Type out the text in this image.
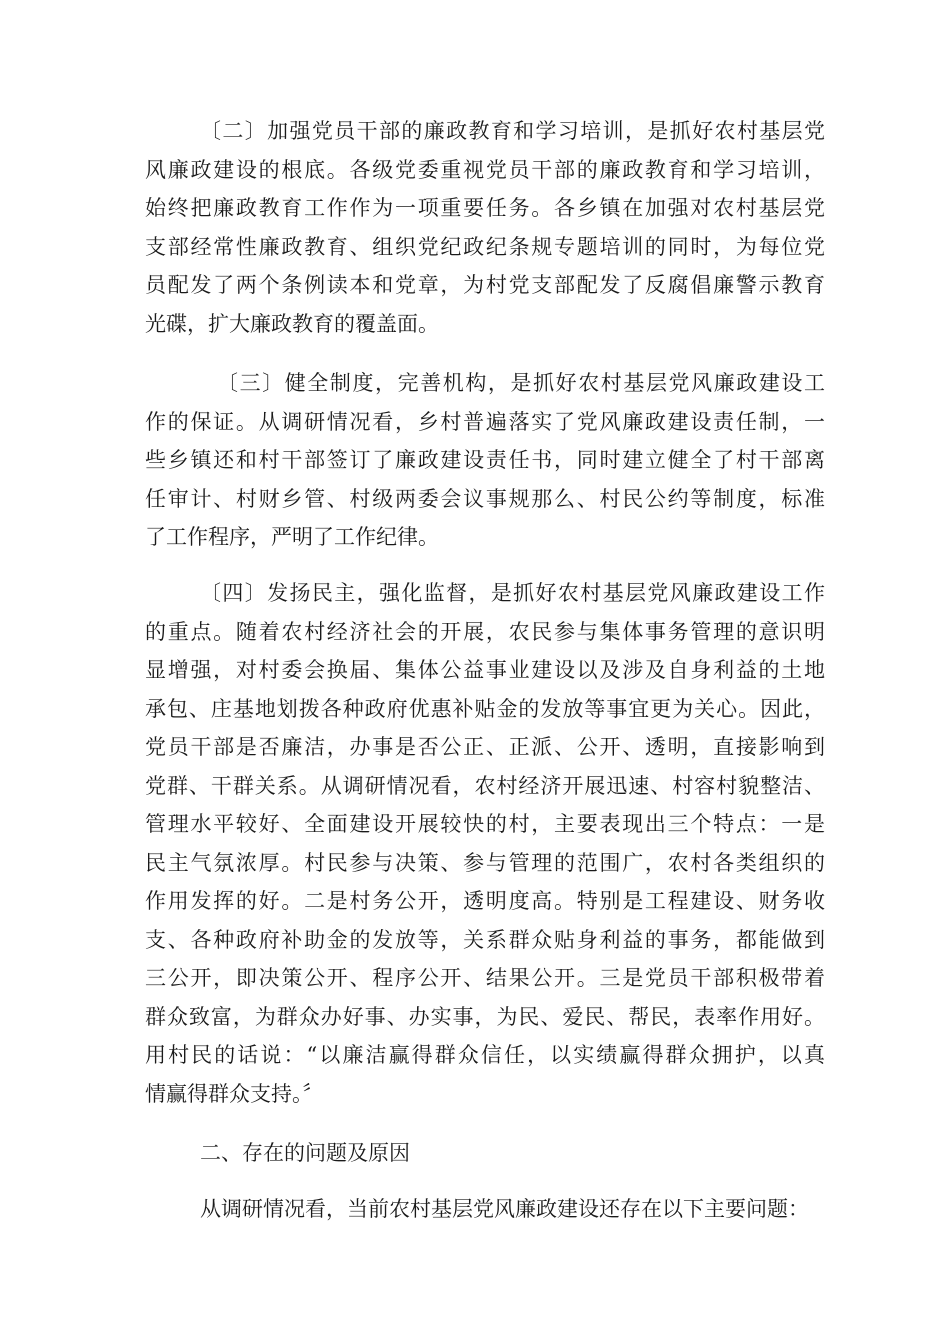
〔二〕加强党员干部的廉政教育和学习培训，是抓好农村基层党
风廉政建设的根底。各级党委重视党员干部的廉政教育和学习培训，
始终把廉政教育工作作为一项重要任务。各乡镇在加强对农村基层党
支部经常性廉政教育、组织党纪政纪条规专题培训的同时，为每位党
员配发了两个条例读本和党章，为村党支部配发了反腐倡廉警示教育
光碟，扩大廉政教育的覆盖面。
〔三〕健全制度，完善机构，是抓好农村基层党风廉政建设工
作的保证。从调研情况看，乡村普遍落实了党风廉政建设责任制，一
些乡镇还和村干部签订了廉政建设责任书，同时建立健全了村干部离
任审计、村财乡管、村级两委会议事规那么、村民公约等制度，标准
了工作程序，严明了工作纪律。
〔四〕发扬民主，强化监督，是抓好农村基层党风廉政建设工作
的重点。随着农村经济社会的开展，农民参与集体事务管理的意识明
显增强，对村委会换届、集体公益事业建设以及涉及自身利益的土地
承包、庄基地划拨各种政府优惠补贴金的发放等事宜更为关心。因此，
党员干部是否廉洁，办事是否公正、正派、公开、透明，直接影响到
党群、干群关系。从调研情况看，农村经济开展迅速、村容村貌整洁、
管理水平较好、全面建设开展较快的村，主要表现出三个特点：一是
民主气氛浓厚。村民参与决策、参与管理的范围广，农村各类组织的
作用发挥的好。二是村务公开，透明度高。特别是工程建设、财务收
支、各种政府补助金的发放等，关系群众贴身利益的事务，都能做到
三公开，即决策公开、程序公开、结果公开。三是党员干部积极带着
群众致富，为群众办好事、办实事，为民、爱民、帮民，表率作用好。
用村民的话说：“以廉洁赢得群众信任，以实绩赢得群众拥护，以真
情赢得群众支持。〞
二、存在的问题及原因
从调研情况看，当前农村基层党风廉政建设还存在以下主要问题：
